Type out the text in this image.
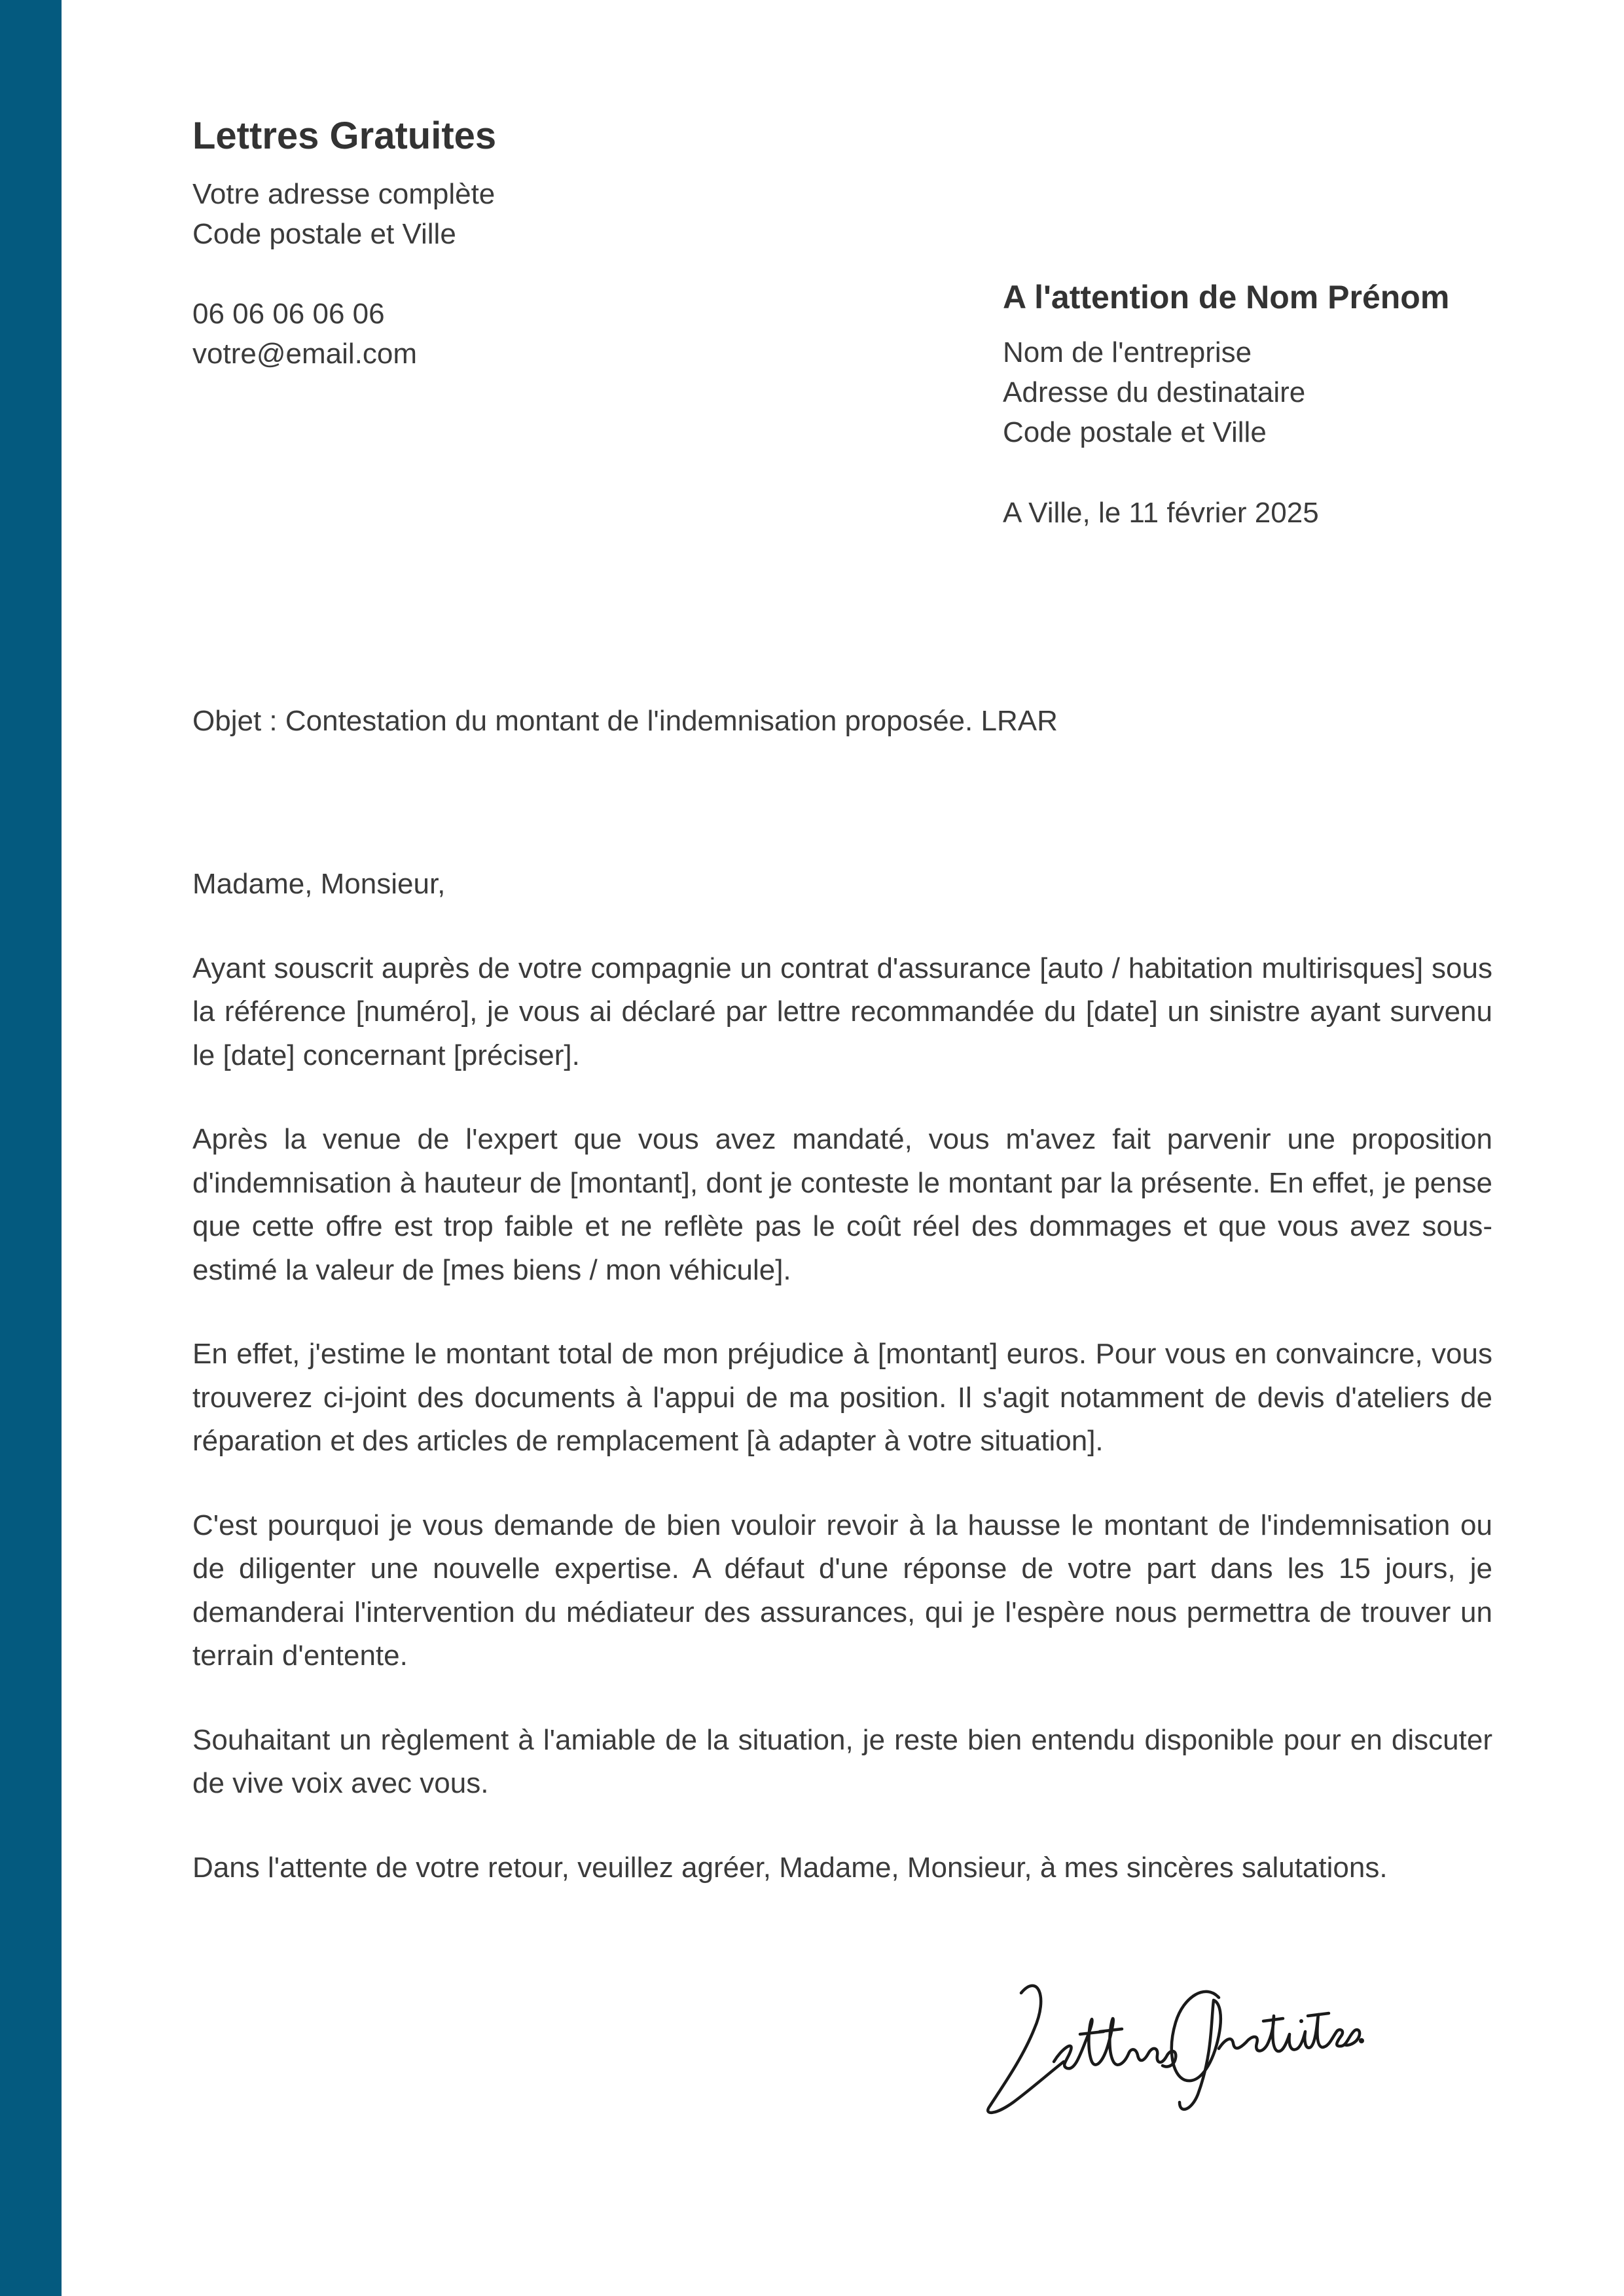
Lettres Gratuites
Votre adresse complète
Code postale et Ville
06 06 06 06 06
votre@email.com
A l'attention de Nom Prénom
Nom de l'entreprise
Adresse du destinataire
Code postale et Ville
A Ville, le 11 février 2025
Objet : Contestation du montant de l'indemnisation proposée. LRAR

Madame, Monsieur,

Ayant souscrit auprès de votre compagnie un contrat d'assurance [auto / habitation multirisques] sous la référence [numéro], je vous ai déclaré par lettre recommandée du [date] un sinistre ayant survenu le [date] concernant [préciser].

Après la venue de l'expert que vous avez mandaté, vous m'avez fait parvenir une proposition d'indemnisation à hauteur de [montant], dont je conteste le montant par la présente. En effet, je pense que cette offre est trop faible et ne reflète pas le coût réel des dommages et que vous avez sous-estimé la valeur de [mes biens / mon véhicule].

En effet, j'estime le montant total de mon préjudice à [montant] euros. Pour vous en convaincre, vous trouverez ci-joint des documents à l'appui de ma position. Il s'agit notamment de devis d'ateliers de réparation et des articles de remplacement [à adapter à votre situation].

C'est pourquoi je vous demande de bien vouloir revoir à la hausse le montant de l'indemnisation ou de diligenter une nouvelle expertise. A défaut d'une réponse de votre part dans les 15 jours, je demanderai l'intervention du médiateur des assurances, qui je l'espère nous permettra de trouver un terrain d'entente.

Souhaitant un règlement à l'amiable de la situation, je reste bien entendu disponible pour en discuter de vive voix avec vous.

Dans l'attente de votre retour, veuillez agréer, Madame, Monsieur, à mes sincères salutations.
